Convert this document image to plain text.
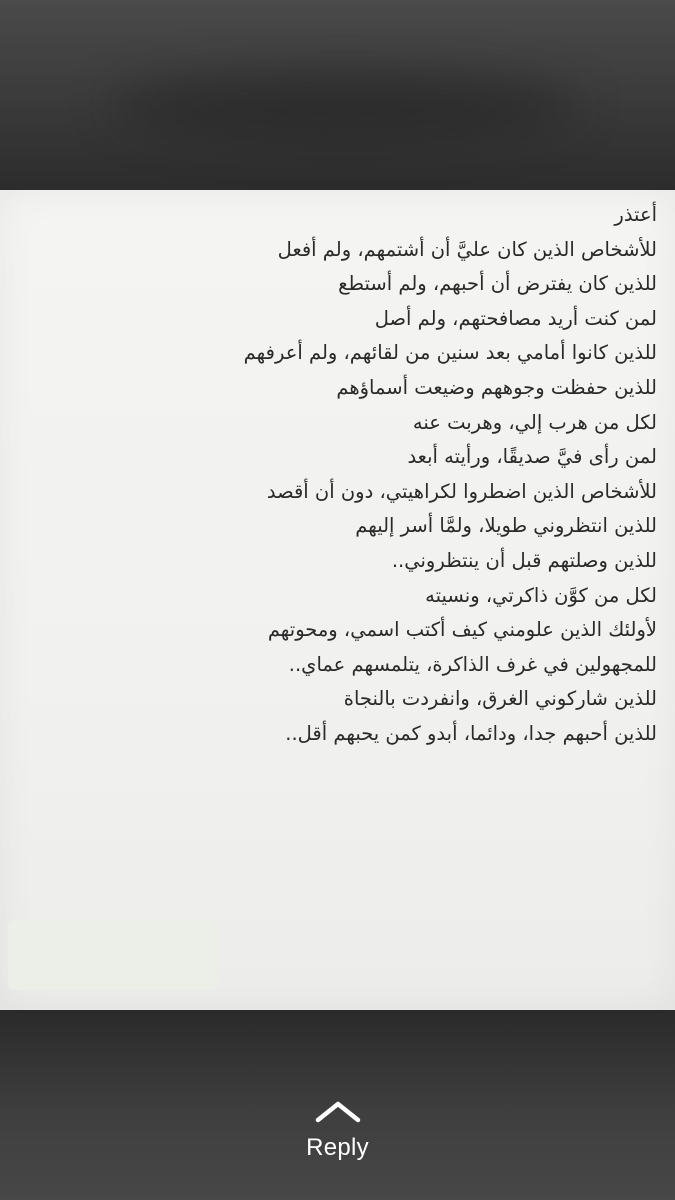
أعتذر
للأشخاص الذين كان عليَّ أن أشتمهم، ولم أفعل
للذين كان يفترض أن أحبهم، ولم أستطع
لمن كنت أريد مصافحتهم، ولم أصل
للذين كانوا أمامي بعد سنين من لقائهم، ولم أعرفهم
للذين حفظت وجوههم وضيعت أسماؤهم
لكل من هرب إلي، وهربت عنه
لمن رأى فيَّ صديقًا، ورأيته أبعد
للأشخاص الذين اضطروا لكراهيتي، دون أن أقصد
للذين انتظروني طويلا، ولمَّا أسر إليهم
للذين وصلتهم قبل أن ينتظروني..
لكل من كوَّن ذاكرتي، ونسيته
لأولئك الذين علومني كيف أكتب اسمي، ومحوتهم
للمجهولين في غرف الذاكرة، يتلمسهم عماي..
للذين شاركوني الغرق، وانفردت بالنجاة
للذين أحبهم جدا، ودائما، أبدو كمن يحبهم أقل..
Reply
